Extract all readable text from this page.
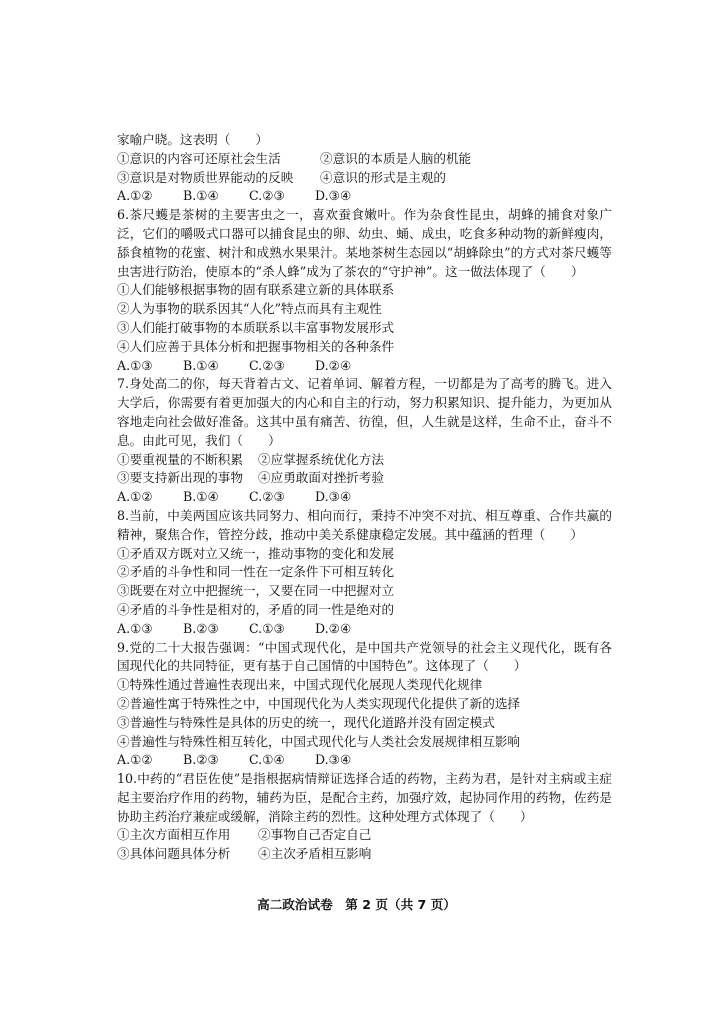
家喻户晓。这表明（　　）
①意识的内容可还原社会生活	②意识的本质是人脑的机能
③意识是对物质世界能动的反映	④意识的形式是主观的
A.①②	B.①④	C.②③	D.③④
6.茶尺蠖是茶树的主要害虫之一，喜欢蚕食嫩叶。作为杂食性昆虫，胡蜂的捕食对象广泛，它们的嚼吸式口器可以捕食昆虫的卵、幼虫、蛹、成虫，吃食多种动物的新鲜瘦肉，舔食植物的花蜜、树汁和成熟水果果汁。某地茶树生态园以“胡蜂除虫”的方式对茶尺蠖等虫害进行防治，使原本的“杀人蜂”成为了茶农的“守护神”。这一做法体现了（　　）
①人们能够根据事物的固有联系建立新的具体联系
②人为事物的联系因其“人化”特点而具有主观性
③人们能打破事物的本质联系以丰富事物发展形式
④人们应善于具体分析和把握事物相关的各种条件
A.①③	B.①④	C.②③	D.②④
7.身处高二的你，每天背着古文、记着单词、解着方程，一切都是为了高考的腾飞。进入大学后，你需要有着更加强大的内心和自主的行动，努力积累知识、提升能力，为更加从容地走向社会做好准备。这其中虽有痛苦、彷徨，但，人生就是这样，生命不止，奋斗不息。由此可见，我们（　　）
①要重视量的不断积累	②应掌握系统优化方法
③要支持新出现的事物	④应勇敢面对挫折考验
A.①②	B.①④	C.②③	D.③④
8.当前，中美两国应该共同努力、相向而行，秉持不冲突不对抗、相互尊重、合作共赢的精神，聚焦合作，管控分歧，推动中美关系健康稳定发展。其中蕴涵的哲理（　　）
①矛盾双方既对立又统一，推动事物的变化和发展
②矛盾的斗争性和同一性在一定条件下可相互转化
③既要在对立中把握统一，又要在同一中把握对立
④矛盾的斗争性是相对的，矛盾的同一性是绝对的
A.①③	B.②③	C.①③	D.②④
9.党的二十大报告强调：“中国式现代化，是中国共产党领导的社会主义现代化，既有各国现代化的共同特征，更有基于自己国情的中国特色”。这体现了（　　）
①特殊性通过普遍性表现出来，中国式现代化展现人类现代化规律
②普遍性寓于特殊性之中，中国现代化为人类实现现代化提供了新的选择
③普遍性与特殊性是具体的历史的统一，现代化道路并没有固定模式
④普遍性与特殊性相互转化，中国式现代化与人类社会发展规律相互影响
A.①②	B.②③	C.①④	D.③④
10.中药的“君臣佐使”是指根据病情辩证选择合适的药物，主药为君，是针对主病或主症起主要治疗作用的药物，辅药为臣，是配合主药，加强疗效，起协同作用的药物，佐药是协助主药治疗兼症或缓解，消除主药的烈性。这种处理方式体现了（　　）
①主次方面相互作用	②事物自己否定自己
③具体问题具体分析	④主次矛盾相互影响
高二政治试卷　第 2 页（共 7 页）
